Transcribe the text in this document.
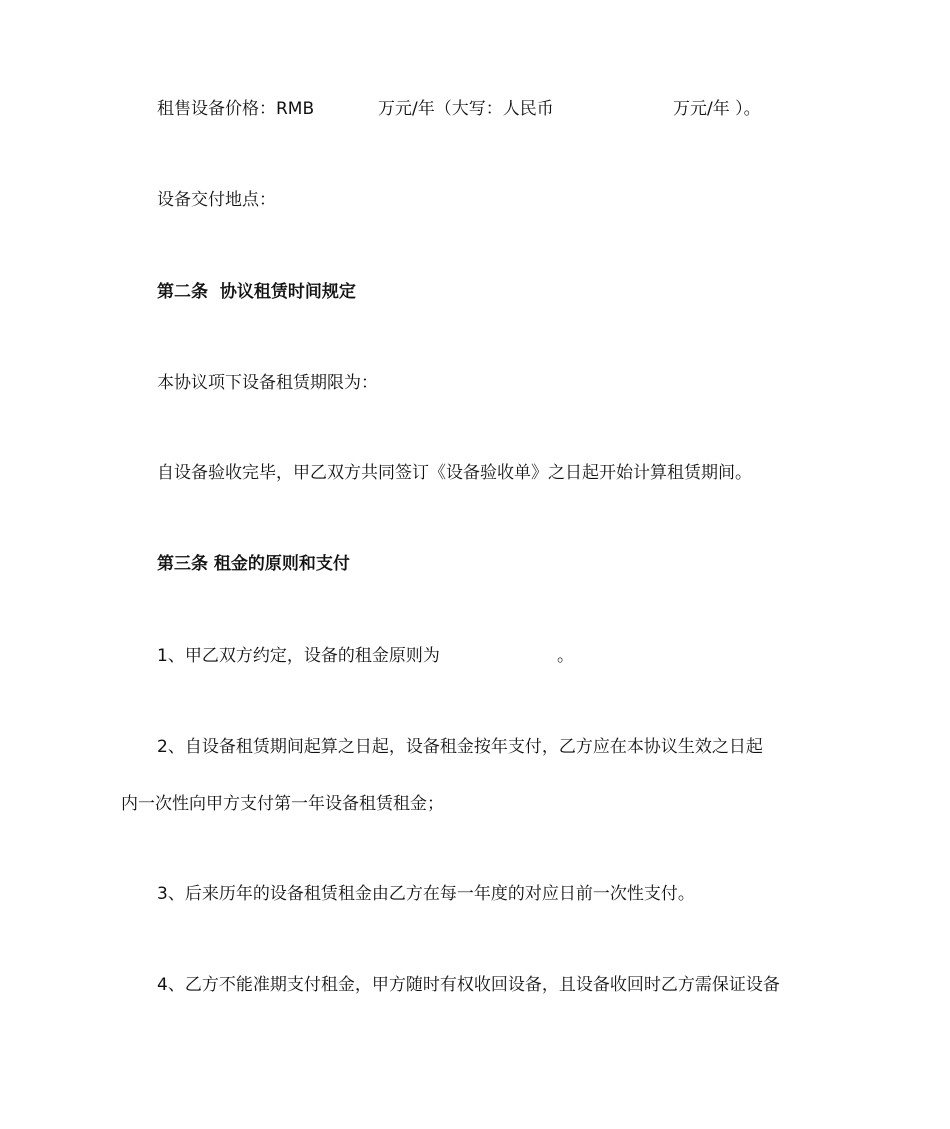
租售设备价格：RMB

	万元/年（大写：人民币

	万元/年 ）。

设备交付地点：
第二条  协议租赁时间规定
本协议项下设备租赁期限为：
自设备验收完毕，甲乙双方共同签订《设备验收单》之日起开始计算租赁期间。
第三条 租金的原则和支付

1、甲乙双方约定，设备的租金原则为

	。

2、自设备租赁期间起算之日起，设备租金按年支付，乙方应在本协议生效之日起
内一次性向甲方支付第一年设备租赁租金；
3、后来历年的设备租赁租金由乙方在每一年度的对应日前一次性支付。
4、乙方不能准期支付租金，甲方随时有权收回设备，且设备收回时乙方需保证设备
